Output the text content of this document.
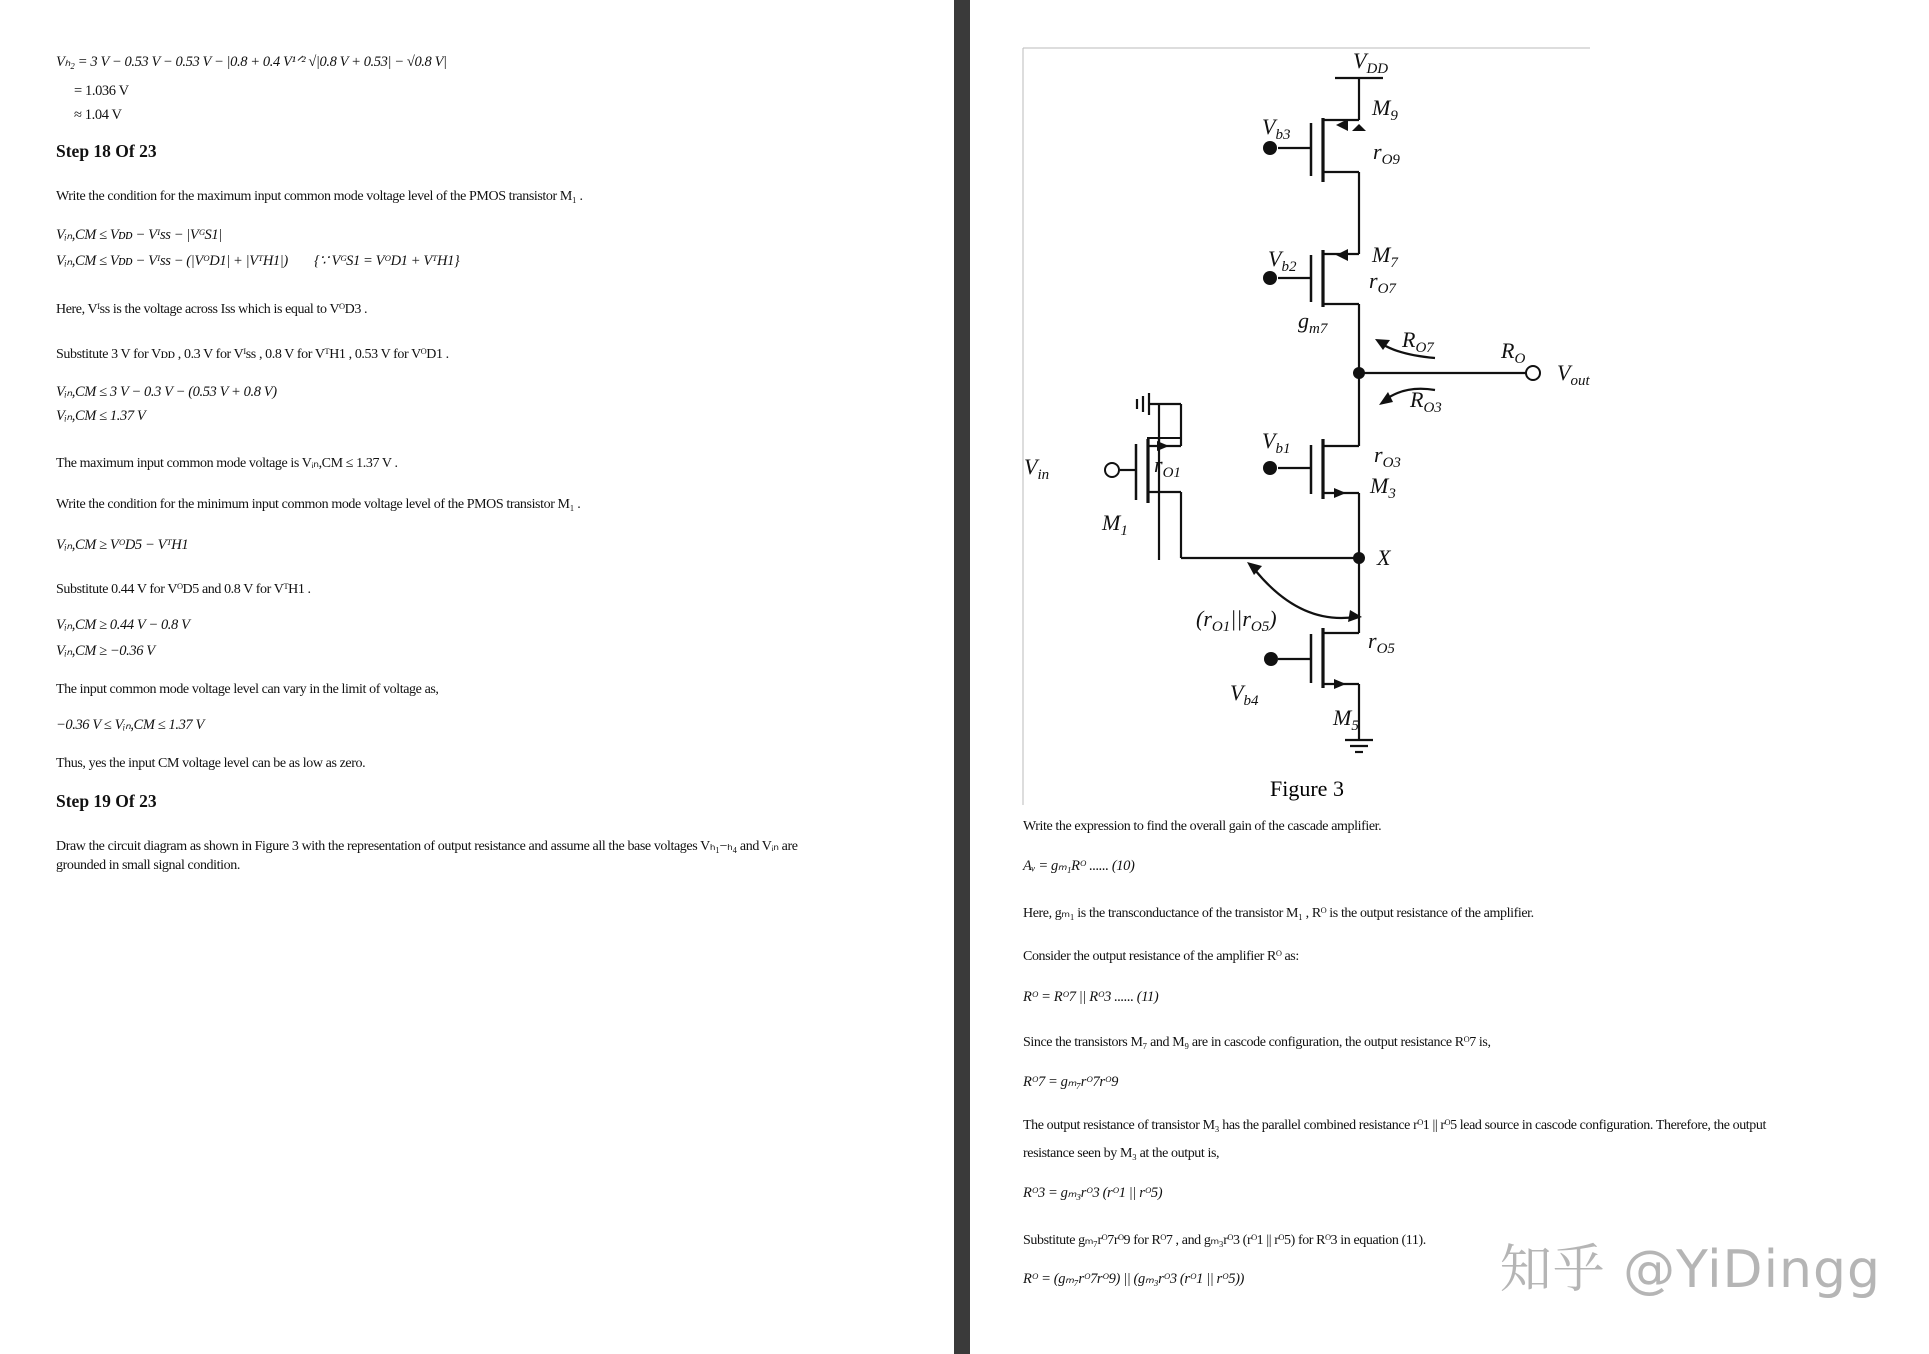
Vₕ₂ = 3 V − 0.53 V − 0.53 V − |0.8 + 0.4 V¹ᐟ² √|0.8 V + 0.53| − √0.8 V|
= 1.036 V
≈ 1.04 V
Step 18 Of 23
Write the condition for the maximum input common mode voltage level of the PMOS transistor M₁ .
Vᵢₙ,CM ≤ Vᴅᴅ − Vᴵss − |VᴳS1|
Vᵢₙ,CM ≤ Vᴅᴅ − Vᴵss − (|VᴼD1| + |VᵀH1|) {∵ VᴳS1 = VᴼD1 + VᵀH1}
Here, Vᴵss is the voltage across Iss which is equal to VᴼD3 .
Substitute 3 V for Vᴅᴅ , 0.3 V for Vᴵss , 0.8 V for VᵀH1 , 0.53 V for VᴼD1 .
Vᵢₙ,CM ≤ 3 V − 0.3 V − (0.53 V + 0.8 V)
Vᵢₙ,CM ≤ 1.37 V
The maximum input common mode voltage is Vᵢₙ,CM ≤ 1.37 V .
Write the condition for the minimum input common mode voltage level of the PMOS transistor M₁ .
Vᵢₙ,CM ≥ VᴼD5 − VᵀH1
Substitute 0.44 V for VᴼD5 and 0.8 V for VᵀH1 .
Vᵢₙ,CM ≥ 0.44 V − 0.8 V
Vᵢₙ,CM ≥ −0.36 V
The input common mode voltage level can vary in the limit of voltage as,
−0.36 V ≤ Vᵢₙ,CM ≤ 1.37 V
Thus, yes the input CM voltage level can be as low as zero.
Step 19 Of 23
Draw the circuit diagram as shown in Figure 3 with the representation of output resistance and assume all the base voltages Vₕ₁−ₕ₄ and Vᵢₙ are
grounded in small signal condition.
$V_{DD}$
$M_9$
$V_{b3}$
$r_{O9}$
$M_7$
$V_{b2}$
$r_{O7}$
$g_{m7}$	$R_{O7}$	$R_O$
$V_{out}$
$R_{O3}$
$V_{b1}$	$r_{O3}$
$M_3$
$V_{in}$	$r_{O1}$
$M_1$
X
$(r_{O1}||r_{O5})$
$r_{O5}$
$V_{b4}$
$M_5$
Figure 3
Write the expression to find the overall gain of the cascade amplifier.
Aᵥ = gₘ₁Rᴼ ...... (10)
Here, gₘ₁ is the transconductance of the transistor M₁ , Rᴼ is the output resistance of the amplifier.
Consider the output resistance of the amplifier Rᴼ as:
Rᴼ = Rᴼ7 || Rᴼ3 ...... (11)
Since the transistors M₇ and M₉ are in cascode configuration, the output resistance Rᴼ7 is,
Rᴼ7 = gₘ₇rᴼ7rᴼ9
The output resistance of transistor M₃ has the parallel combined resistance rᴼ1 || rᴼ5 lead source in cascode configuration. Therefore, the output
resistance seen by M₃ at the output is,
Rᴼ3 = gₘ₃rᴼ3 (rᴼ1 || rᴼ5)
Substitute gₘ₇rᴼ7rᴼ9 for Rᴼ7 , and gₘ₃rᴼ3 (rᴼ1 || rᴼ5) for Rᴼ3 in equation (11).
Rᴼ = (gₘ₇rᴼ7rᴼ9) || (gₘ₃rᴼ3 (rᴼ1 || rᴼ5))	知乎 @YiDingg
